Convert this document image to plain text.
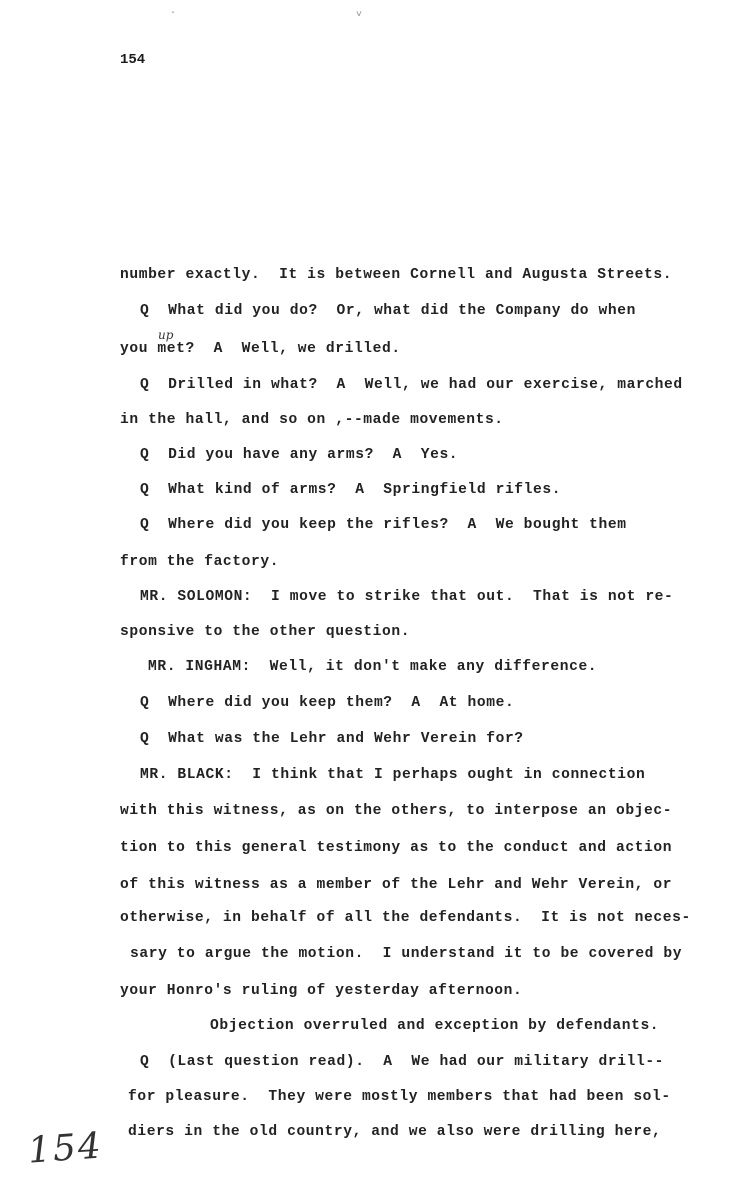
·	˅
154
number exactly.  It is between Cornell and Augusta Streets.
Q  What did you do?  Or, what did the Company do when
you met?  A  Well, we drilled.
up
Q  Drilled in what?  A  Well, we had our exercise, marched
in the hall, and so on ,--made movements.
Q  Did you have any arms?  A  Yes.
Q  What kind of arms?  A  Springfield rifles.
Q  Where did you keep the rifles?  A  We bought them
from the factory.
MR. SOLOMON:  I move to strike that out.  That is not re-
sponsive to the other question.
MR. INGHAM:  Well, it don't make any difference.
Q  Where did you keep them?  A  At home.
Q  What was the Lehr and Wehr Verein for?
MR. BLACK:  I think that I perhaps ought in connection
with this witness, as on the others, to interpose an objec-
tion to this general testimony as to the conduct and action
of this witness as a member of the Lehr and Wehr Verein, or
otherwise, in behalf of all the defendants.  It is not neces-
sary to argue the motion.  I understand it to be covered by
your Honro's ruling of yesterday afternoon.
Objection overruled and exception by defendants.
Q  (Last question read).  A  We had our military drill--
for pleasure.  They were mostly members that had been sol-
diers in the old country, and we also were drilling here,
154
